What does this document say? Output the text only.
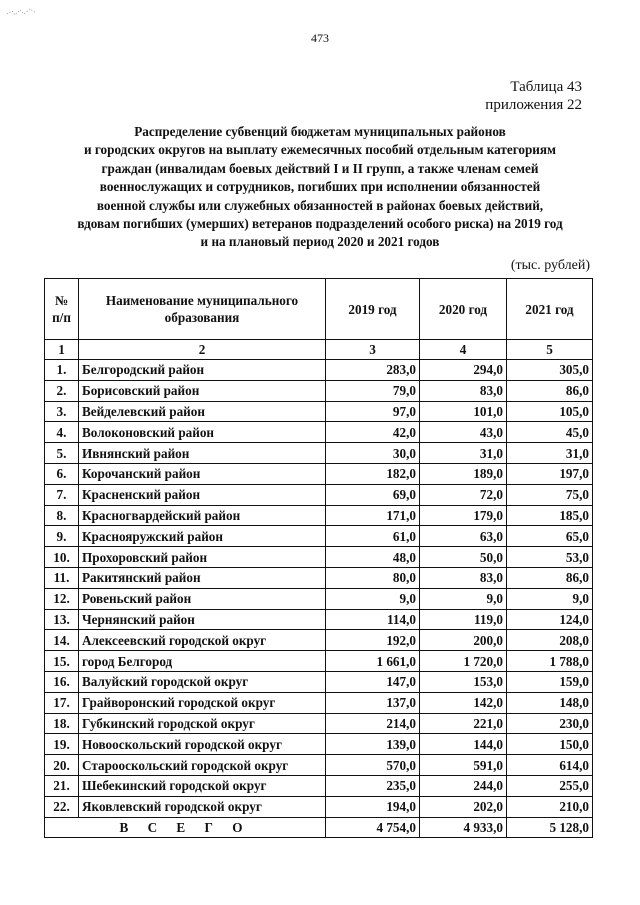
473
Таблица 43
приложения 22
Распределение субвенций бюджетам муниципальных районов
и городских округов на выплату ежемесячных пособий отдельным категориям
граждан (инвалидам боевых действий I и II групп, а также членам семей
военнослужащих и сотрудников, погибших при исполнении обязанностей
военной службы или служебных обязанностей в районах боевых действий,
вдовам погибших (умерших) ветеранов подразделений особого риска) на 2019 год
и на плановый период 2020 и 2021 годов
(тыс. рублей)
№ п/п	Наименование муниципального образования	2019 год	2020 год	2021 год
1	2	3	4	5
1.	Белгородский район	283,0	294,0	305,0
2.	Борисовский район	79,0	83,0	86,0
3.	Вейделевский район	97,0	101,0	105,0
4.	Волоконовский район	42,0	43,0	45,0
5.	Ивнянский район	30,0	31,0	31,0
6.	Корочанский район	182,0	189,0	197,0
7.	Красненский район	69,0	72,0	75,0
8.	Красногвардейский район	171,0	179,0	185,0
9.	Краснояружский район	61,0	63,0	65,0
10.	Прохоровский район	48,0	50,0	53,0
11.	Ракитянский район	80,0	83,0	86,0
12.	Ровеньский район	9,0	9,0	9,0
13.	Чернянский район	114,0	119,0	124,0
14.	Алексеевский городской округ	192,0	200,0	208,0
15.	город Белгород	1 661,0	1 720,0	1 788,0
16.	Валуйский городской округ	147,0	153,0	159,0
17.	Грайворонский городской округ	137,0	142,0	148,0
18.	Губкинский городской округ	214,0	221,0	230,0
19.	Новооскольский городской округ	139,0	144,0	150,0
20.	Старооскольский городской округ	570,0	591,0	614,0
21.	Шебекинский городской округ	235,0	244,0	255,0
22.	Яковлевский городской округ	194,0	202,0	210,0
В С Е Г О		4 754,0	4 933,0	5 128,0
